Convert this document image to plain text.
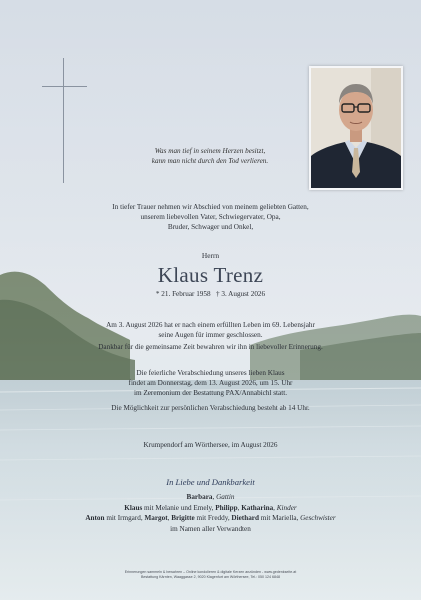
Was man tief in seinem Herzen besitzt,
kann man nicht durch den Tod verlieren.
In tiefer Trauer nehmen wir Abschied von meinem geliebten Gatten,
unserem liebevollen Vater, Schwiegervater, Opa,
Bruder, Schwager und Onkel,
Herrn
Klaus Trenz
* 21. Februar 1958 † 3. August 2026
Am 3. August 2026 hat er nach einem erfüllten Leben im 69. Lebensjahr
seine Augen für immer geschlossen.
Dankbar für die gemeinsame Zeit bewahren wir ihn in liebevoller Erinnerung.
Die feierliche Verabschiedung unseres lieben Klaus
findet am Donnerstag, dem 13. August 2026, um 15. Uhr
im Zeremonium der Bestattung PAX/Annabichl statt.
Die Möglichkeit zur persönlichen Verabschiedung besteht ab 14 Uhr.
Krumpendorf am Wörthersee, im August 2026
In Liebe und Dankbarkeit
Barbara, Gattin
Klaus mit Melanie und Emely, Philipp, Katharina, Kinder
Anton mit Irmgard, Margot, Brigitte mit Freddy, Diethard mit Mariella, Geschwister
im Namen aller Verwandten
Erinnerungen sammeln & bewahren – Online kondolieren & digitale Kerzen anzünden - www.gedenkseite.at
Bestattung Kärnten, Waaggasse 2, 9020 Klagenfurt am Wörthersee, Tel.: 050 124 6848
